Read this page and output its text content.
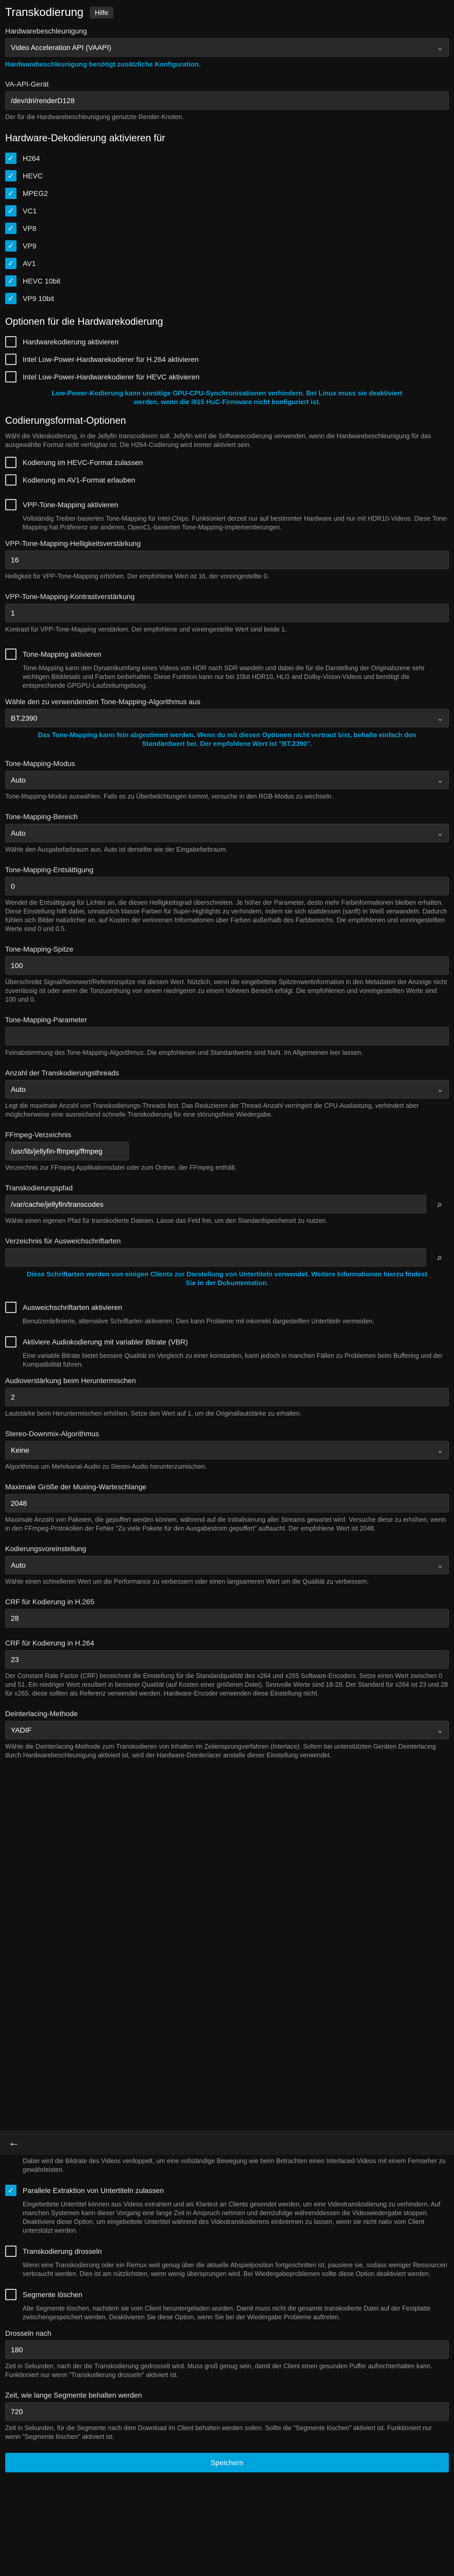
Transkodierung	Hilfe
Hardwarebeschleunigung
Video Acceleration API (VAAPI)	⌄
Hardwarebeschleunigung benötigt zusätzliche Konfiguration.
VA-API-Gerät
/dev/dri/renderD128
Der für die Hardwarebeschleunigung genutzte Render-Knoten.
Hardware-Dekodierung aktivieren für
✓	H264
✓	HEVC
✓	MPEG2
✓	VC1
✓	VP8
✓	VP9
✓	AV1
✓	HEVC 10bit
✓	VP9 10bit
Optionen für die Hardwarekodierung
Hardwarekodierung aktivieren
Intel Low-Power-Hardwarekodierer für H.264 aktivieren
Intel Low-Power-Hardwarekodierer für HEVC aktivieren
Low-Power-Kodierung kann unnötige GPU-CPU-Synchronisationen verhindern. Bei Linux muss sie deaktiviert werden, wenn die i915 HuC-Firmware nicht konfiguriert ist.
Codierungsformat-Optionen
Wähl die Videokodierung, in die Jellyfin transcodieren soll. Jellyfin wird die Softwarecodierung verwenden, wenn die Hardwarebeschleunigung für das ausgewählte Format nicht verfügbar ist. Die H264-Codierung wird immer aktiviert sein.
Kodierung im HEVC-Format zulassen
Kodierung im AV1-Format erlauben
VPP-Tone-Mapping aktivieren
Vollständig Treiber-basiertes Tone-Mapping für Intel-Chips. Funktioniert derzeit nur auf bestimmter Hardware und nur mit HDR10-Videos. Diese Tone-Mapping hat Präferenz vor anderen, OpenCL-basierten Tone-Mapping-Implementierungen.
VPP-Tone-Mapping-Helligkeitsverstärkung
16
Helligkeit für VPP-Tone-Mapping erhöhen. Der empfohlene Wert ist 16, der voreingestellte 0.
VPP-Tone-Mapping-Kontrastverstärkung
1
Kontrast für VPP-Tone-Mapping verstärken. Der empfohlene und voreingestellte Wert sind beide 1.
Tone-Mapping aktivieren
Tone-Mapping kann den Dynamikumfang eines Videos von HDR nach SDR wandeln und dabei die für die Darstellung der Originalszene sehr wichtigen Bilddetails und Farben beibehalten. Diese Funktion kann nur bei 10bit HDR10, HLG and Dolby-Vision-Videos und benötigt die entsprechende GPGPU-Laufzeitumgebung.
Wähle den zu verwendenden Tone-Mapping-Algorithmus aus
BT.2390	⌄
Das Tone-Mapping kann fein abgestimmt werden. Wenn du mit diesen Optionen nicht vertraut bist, behalte einfach den Standardwert bei. Der empfohlene Wert ist "BT.2390".
Tone-Mapping-Modus
Auto	⌄
Tone-Mapping-Modus auswählen. Falls es zu Überbelichtungen kommt, versuche in den RGB-Modus zu wechseln.
Tone-Mapping-Bereich
Auto	⌄
Wähle den Ausgabefarbraum aus. Auto ist derselbe wie der Eingabefarbraum.
Tone-Mapping-Entsättigung
0
Wendet die Entsättigung für Lichter an, die diesen Helligkeitsgrad überschreiten. Je höher der Parameter, desto mehr Farbinformationen bleiben erhalten. Diese Einstellung hilft dabei, unnatürlich blasse Farben für Super-Highlights zu verhindern, indem sie sich stattdessen (sanft) in Weiß verwandeln. Dadurch fühlen sich Bilder natürlicher an, auf Kosten der verlorenen Informationen über Farben außerhalb des Farbbereichs. Die empfohlenen und voreingestellten Werte sind 0 und 0.5.
Tone-Mapping-Spitze
100
Überschreibt Signal/Nennwert/Referenzspitze mit diesem Wert. Nützlich, wenn die eingebettete Spitzenwertinformation in den Metadaten der Anzeige nicht zuverlässig ist oder wenn die Tonzuordnung von einem niedrigeren zu einem höheren Bereich erfolgt. Die empfohlenen und voreingestellten Werte sind 100 und 0.
Tone-Mapping-Parameter
Feinabstimmung des Tone-Mapping-Algorithmus. Die empfohlenen und Standardwerte sind NaN. Im Allgemeinen leer lassen.
Anzahl der Transkodierungsthreads
Auto	⌄
Legt die maximale Anzahl von Transkodierungs-Threads fest. Das Reduzieren der Thread-Anzahl verringert die CPU-Auslastung, verhindert aber möglicherweise eine ausreichend schnelle Transkodierung für eine störungsfreie Wiedergabe.
FFmpeg-Verzeichnis
/usr/lib/jellyfin-ffmpeg/ffmpeg
Verzeichnis zur FFmpeg Applikationsdatei oder zum Ordner, der FFmpeg enthält.
Transkodierungspfad
/var/cache/jellyfin/transcodes	⌕
Wähle einen eigenen Pfad für transkodierte Dateien. Lasse das Feld frei, um den Standardspeicherort zu nutzen.
Verzeichnis für Ausweichschriftarten
⌕
Diese Schriftarten werden von einigen Clients zur Darstellung von Untertiteln verwendet. Weitere Informationen hierzu findest Sie in der Dokumentation.
Ausweichschriftarten aktivieren
Benutzerdefinierte, alternative Schriftarten aktivieren. Dies kann Probleme mit inkorrekt dargestellten Untertiteln vermeiden.
Aktiviere Audiokodierung mit variabler Bitrate (VBR)
Eine variable Bitrate bietet bessere Qualität im Vergleich zu einer konstanten, kann jedoch in manchen Fällen zu Problemen beim Buffering und der Kompatibilität führen.
Audioverstärkung beim Heruntermischen
2
Lautstärke beim Heruntermischen erhöhen. Setze den Wert auf 1, um die Originallautstärke zu erhalten.
Stereo-Downmix-Algorithmus
Keine	⌄
Algorithmus um Mehrkanal-Audio zu Stereo-Audio herunterzumischen.
Maximale Größe der Muxing-Warteschlange
2048
Maximale Anzahl von Paketen, die gepuffert werden können, während auf die Initialisierung aller Streams gewartet wird. Versuche diese zu erhöhen, wenn in den FFmpeg-Protokollen der Fehler "Zu viele Pakete für den Ausgabestrom gepuffert" auftaucht. Der empfohlene Wert ist 2048.
Kodierungsvoreinstellung
Auto	⌄
Wähle einen schnelleren Wert um die Performance zu verbessern oder einen langsameren Wert um die Qualität zu verbessern.
CRF für Kodierung in H.265
28
CRF für Kodierung in H.264
23
Der Constant Rate Factor (CRF) bezeichnet die Einstellung für die Standardqualität des x264 und x265 Software-Encoders. Setze einen Wert zwischen 0 und 51. Ein niedriger Wert resultiert in besserer Qualität (auf Kosten einer größeren Datei). Sinnvolle Werte sind 18-28. Der Standard für x264 ist 23 und 28 für x265, diese sollten als Referenz verwendet werden. Hardware-Encoder verwenden diese Einstellung nicht.
Deinterlacing-Methode
YADIF	⌄
Wähle die Deinterlacing-Methode zum Transkodieren von Inhalten im Zeilensprungverfahren (Interlace). Sofern bei unterstützten Geräten Deinterlacing durch Hardwarebeschleunigung aktiviert ist, wird der Hardware-Deinterlacer anstelle dieser Einstellung verwendet.
←
Dabei wird die Bildrate des Videos verdoppelt, um eine vollständige Bewegung wie beim Betrachten eines Interlaced-Videos mit einem Fernseher zu gewährleisten.
✓	Parallele Extraktion von Untertiteln zulassen
Eingebettete Untertitel können aus Videos extrahiert und als Klartext an Clients gesendet werden, um eine Videotranskodierung zu verhindern. Auf manchen Systemen kann dieser Vorgang eine lange Zeit in Anspruch nehmen und demzufolge währenddessen die Videowiedergabe stoppen. Deaktiviere diese Option, um eingebettete Untertitel während des Videotranskodierens einbrennen zu lassen, wenn sie nicht nativ vom Client unterstützt werden.
Transkodierung drosseln
Wenn eine Transkodierung oder ein Remux weit genug über die aktuelle Abspielposition fortgeschritten ist, pausiere sie, sodass weniger Ressourcen verbraucht werden. Dies ist am nützlichsten, wenn wenig übersprungen wird. Bei Wiedergabeproblemen sollte diese Option deaktiviert werden.
Segmente löschen
Alte Segmente löschen, nachdem sie vom Client heruntergeladen wurden. Damit muss nicht die gesamte transkodierte Datei auf der Festplatte zwischengespeichert werden. Deaktivieren Sie diese Option, wenn Sie bei der Wiedergabe Probleme auftreten.
Drosseln nach
180
Zeit in Sekunden, nach der die Transkodierung gedrosselt wird. Muss groß genug sein, damit der Client einen gesunden Puffer aufrechterhalten kann. Funktioniert nur wenn "Transkodierung drosseln" aktiviert ist.
Zeit, wie lange Segmente behalten werden
720
Zeit in Sekunden, für die Segmente nach dem Download im Client behalten werden sollen. Sollte die "Segmente löschen" aktiviert ist. Funktioniert nur wenn "Segmente löschen" aktiviert ist.
Speichern
